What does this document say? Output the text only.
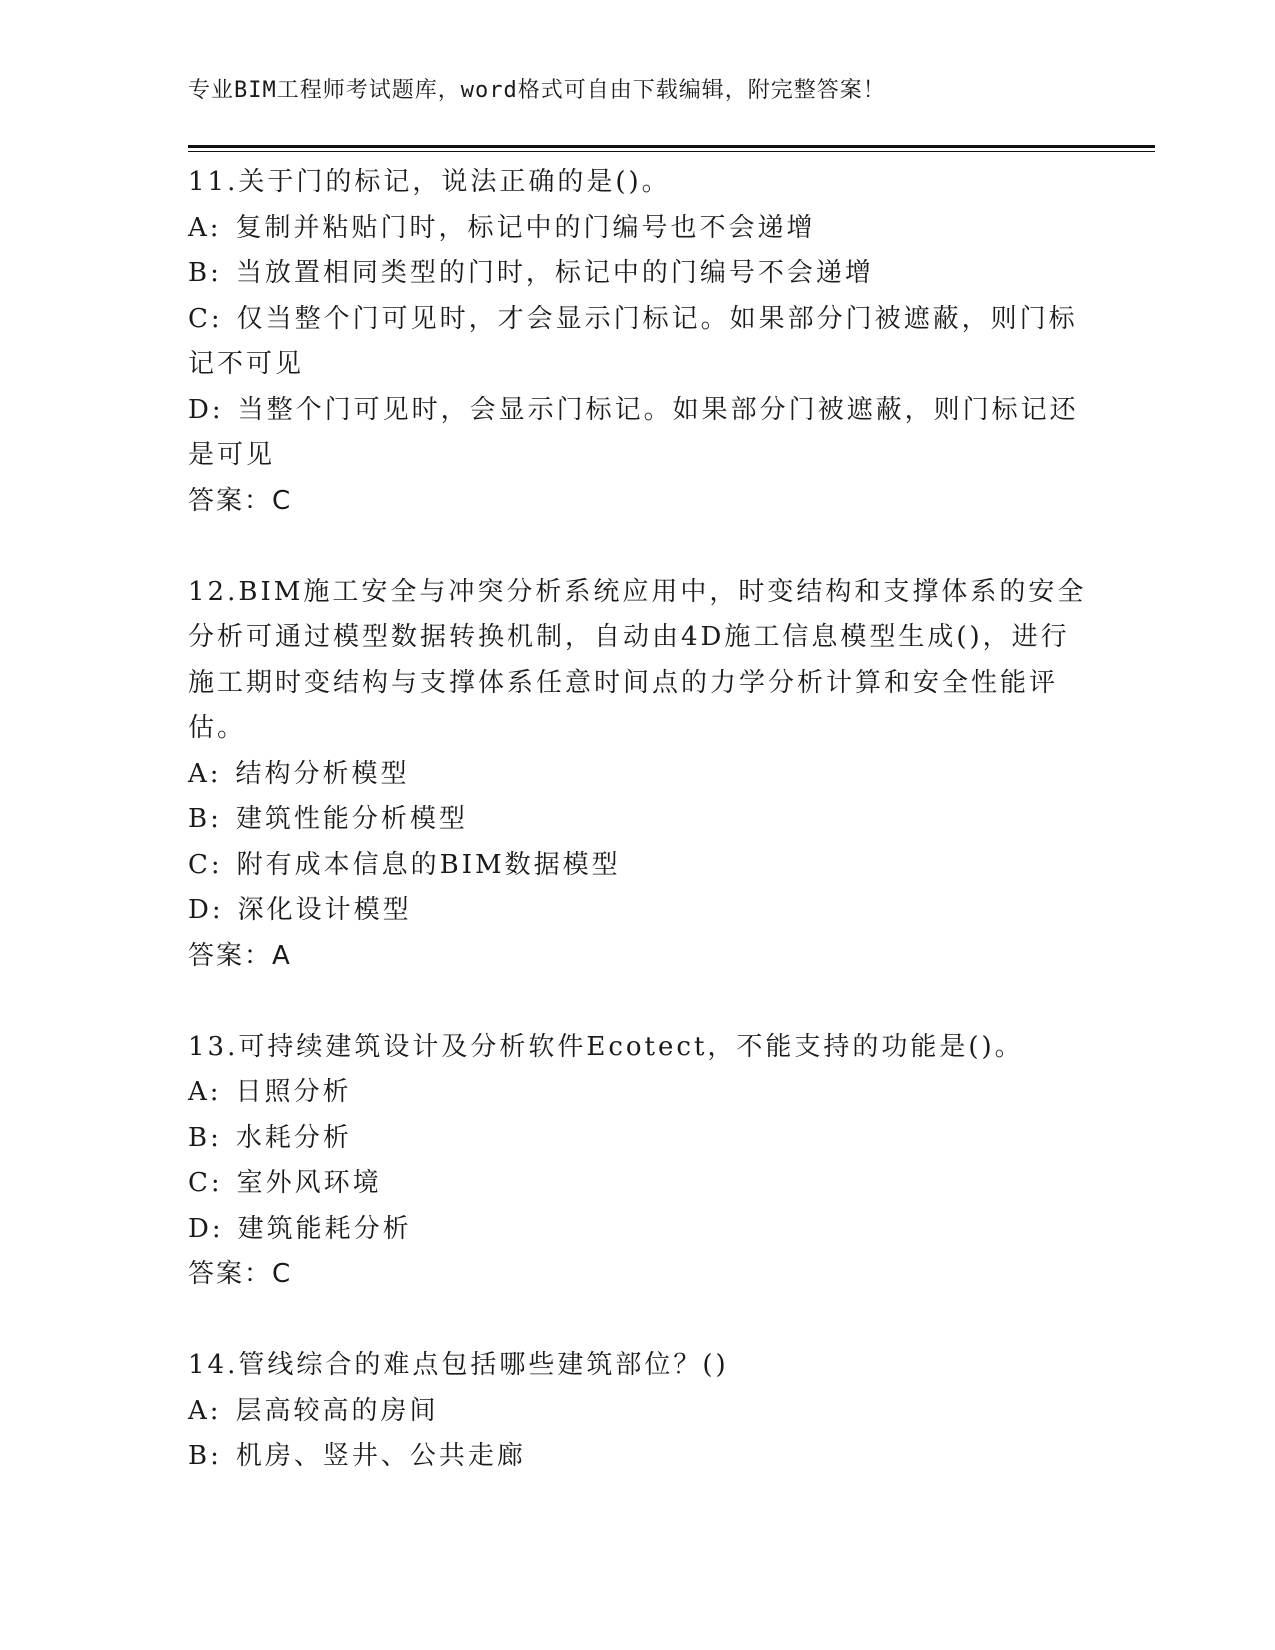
专业BIM工程师考试题库，word格式可自由下载编辑，附完整答案！

11.关于门的标记，说法正确的是()。

A: 复制并粘贴门时，标记中的门编号也不会递增

B: 当放置相同类型的门时，标记中的门编号不会递增

C: 仅当整个门可见时，才会显示门标记。如果部分门被遮蔽，则门标记不可见

D: 当整个门可见时，会显示门标记。如果部分门被遮蔽，则门标记还是可见

答案：C

12.BIM施工安全与冲突分析系统应用中，时变结构和支撑体系的安全分析可通过模型数据转换机制，自动由4D施工信息模型生成()，进行施工期时变结构与支撑体系任意时间点的力学分析计算和安全性能评估。

A: 结构分析模型

B: 建筑性能分析模型

C: 附有成本信息的BIM数据模型

D: 深化设计模型

答案：A

13.可持续建筑设计及分析软件Ecotect，不能支持的功能是()。

A: 日照分析

B: 水耗分析

C: 室外风环境

D: 建筑能耗分析

答案：C

14.管线综合的难点包括哪些建筑部位？()

A: 层高较高的房间

B: 机房、竖井、公共走廊
